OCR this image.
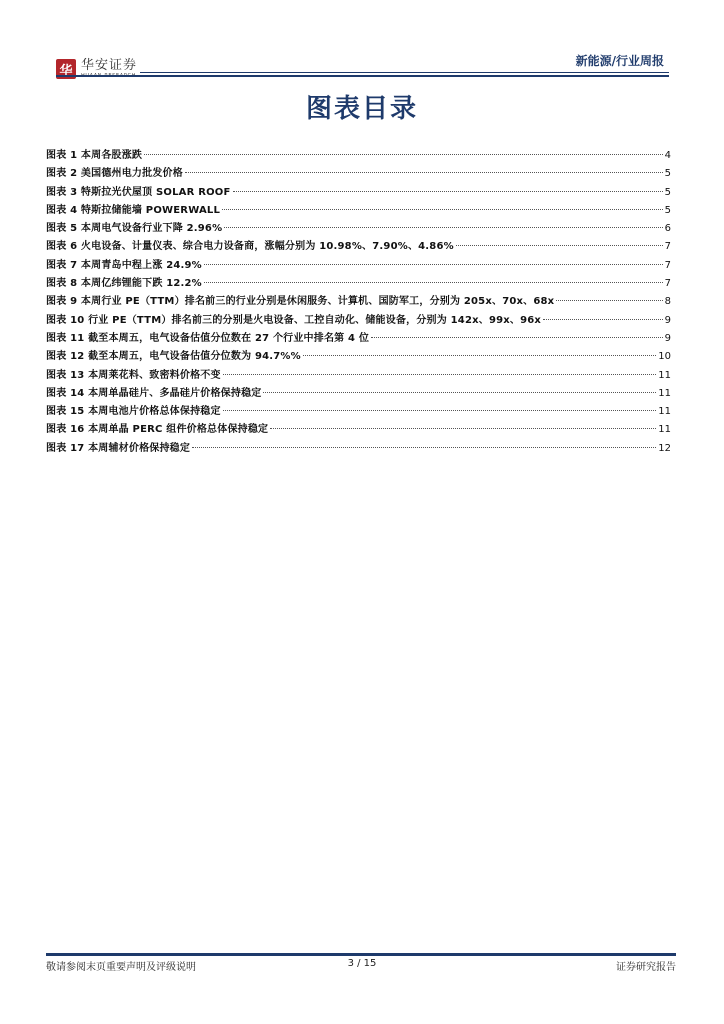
华 华安证券
HUAAN RESEARCH
新能源/行业周报
图表目录
图表 1 本周各股涨跌	4
图表 2 美国德州电力批发价格	5
图表 3 特斯拉光伏屋顶 SOLAR ROOF	5
图表 4 特斯拉储能墙 POWERWALL	5
图表 5 本周电气设备行业下降 2.96%	6
图表 6 火电设备、计量仪表、综合电力设备商，涨幅分别为 10.98%、7.90%、4.86%	7
图表 7 本周青岛中程上涨 24.9%	7
图表 8 本周亿纬锂能下跌 12.2%	7
图表 9 本周行业 PE（TTM）排名前三的行业分别是休闲服务、计算机、国防军工，分别为 205x、70x、68x	8
图表 10 行业 PE（TTM）排名前三的分别是火电设备、工控自动化、储能设备，分别为 142x、99x、96x	9
图表 11 截至本周五，电气设备估值分位数在 27 个行业中排名第 4 位	9
图表 12 截至本周五，电气设备估值分位数为 94.7%%	10
图表 13 本周莱花料、致密料价格不变	11
图表 14 本周单晶硅片、多晶硅片价格保持稳定	11
图表 15 本周电池片价格总体保持稳定	11
图表 16 本周单晶 PERC 组件价格总体保持稳定	11
图表 17 本周辅材价格保持稳定	12
敬请参阅末页重要声明及评级说明	3 / 15	证券研究报告
